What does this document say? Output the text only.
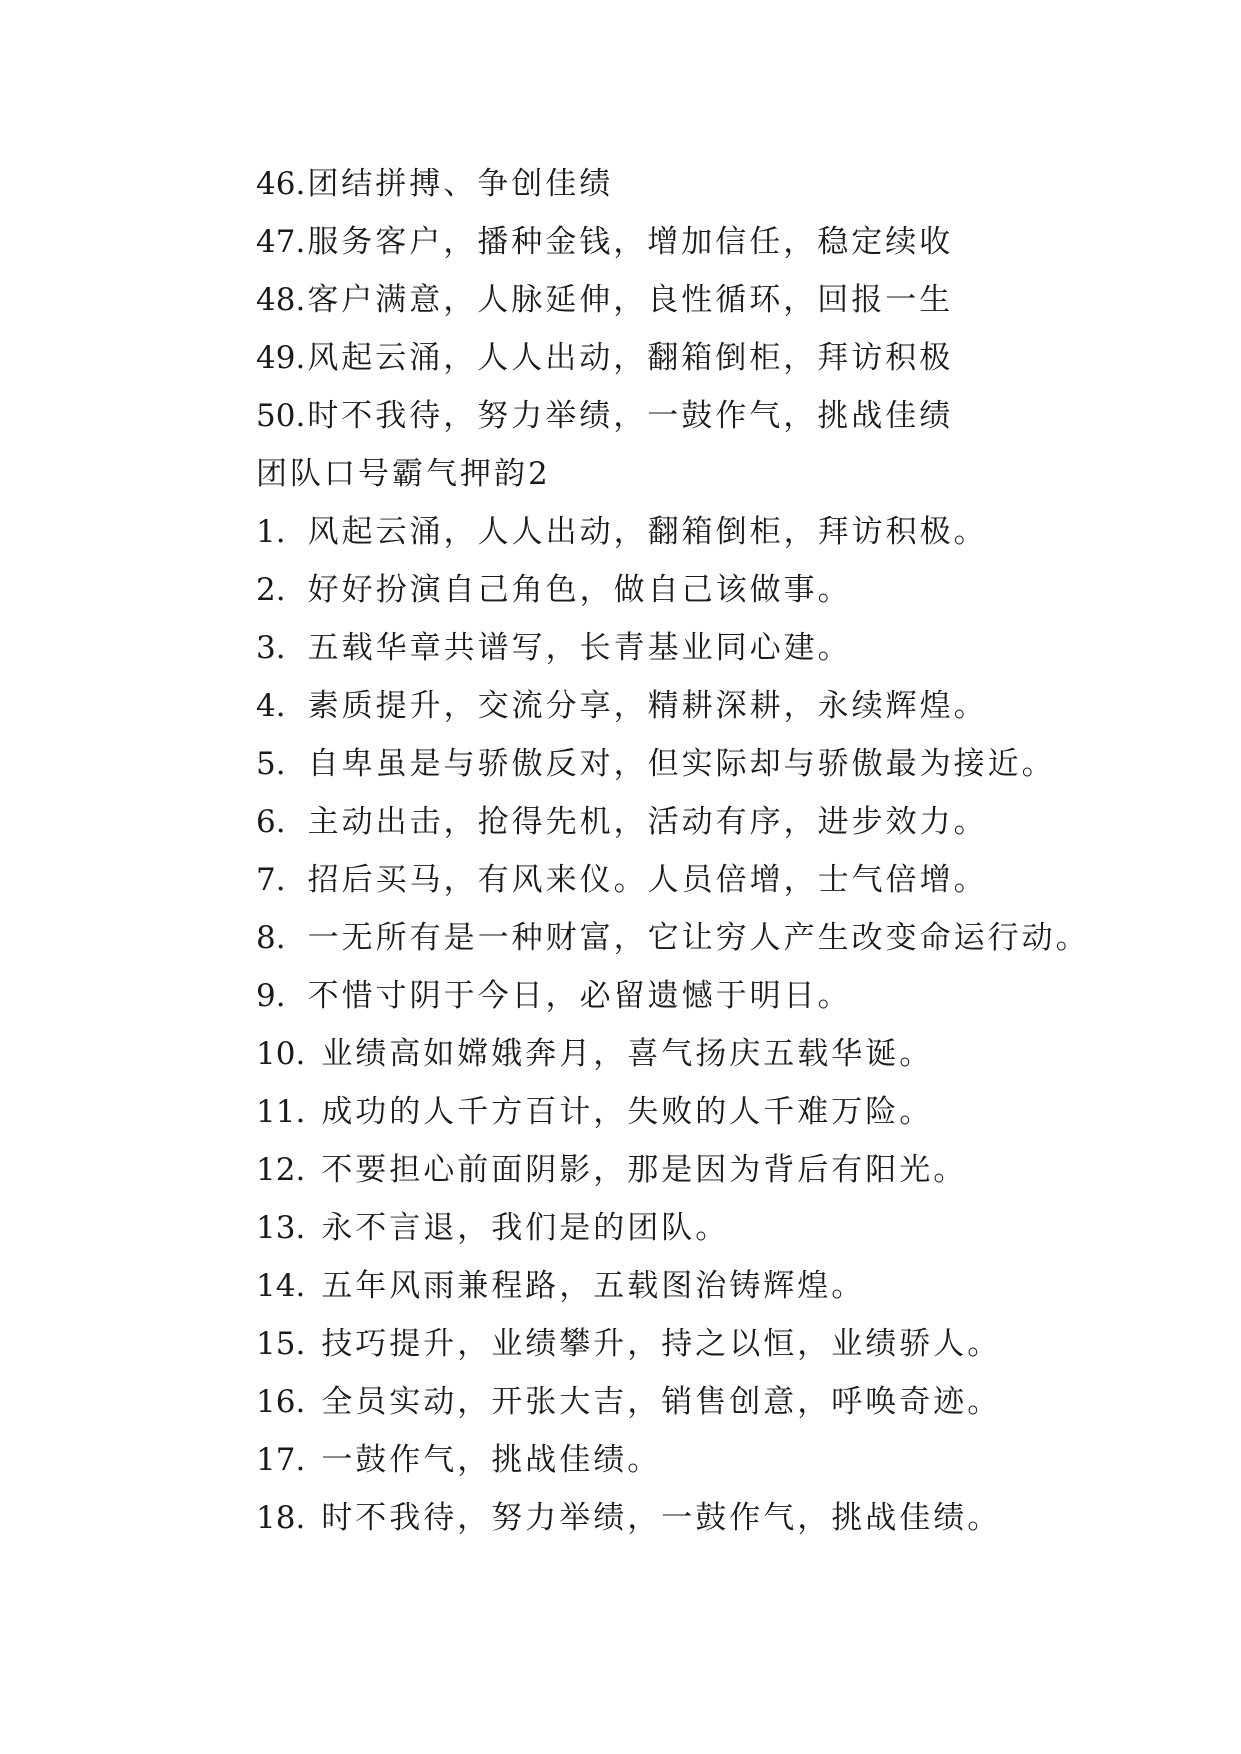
46.团结拼搏、争创佳绩
47.服务客户，播种金钱，增加信任，稳定续收
48.客户满意，人脉延伸，良性循环，回报一生
49.风起云涌，人人出动，翻箱倒柜，拜访积极
50.时不我待，努力举绩，一鼓作气，挑战佳绩
团队口号霸气押韵2
1. 风起云涌，人人出动，翻箱倒柜，拜访积极。
2. 好好扮演自己角色，做自己该做事。
3. 五载华章共谱写，长青基业同心建。
4. 素质提升，交流分享，精耕深耕，永续辉煌。
5. 自卑虽是与骄傲反对，但实际却与骄傲最为接近。
6. 主动出击，抢得先机，活动有序，进步效力。
7. 招后买马，有风来仪。人员倍增，士气倍增。
8. 一无所有是一种财富，它让穷人产生改变命运行动。
9. 不惜寸阴于今日，必留遗憾于明日。
10. 业绩高如嫦娥奔月，喜气扬庆五载华诞。
11. 成功的人千方百计，失败的人千难万险。
12. 不要担心前面阴影，那是因为背后有阳光。
13. 永不言退，我们是的团队。
14. 五年风雨兼程路，五载图治铸辉煌。
15. 技巧提升，业绩攀升，持之以恒，业绩骄人。
16. 全员实动，开张大吉，销售创意，呼唤奇迹。
17. 一鼓作气，挑战佳绩。
18. 时不我待，努力举绩，一鼓作气，挑战佳绩。
